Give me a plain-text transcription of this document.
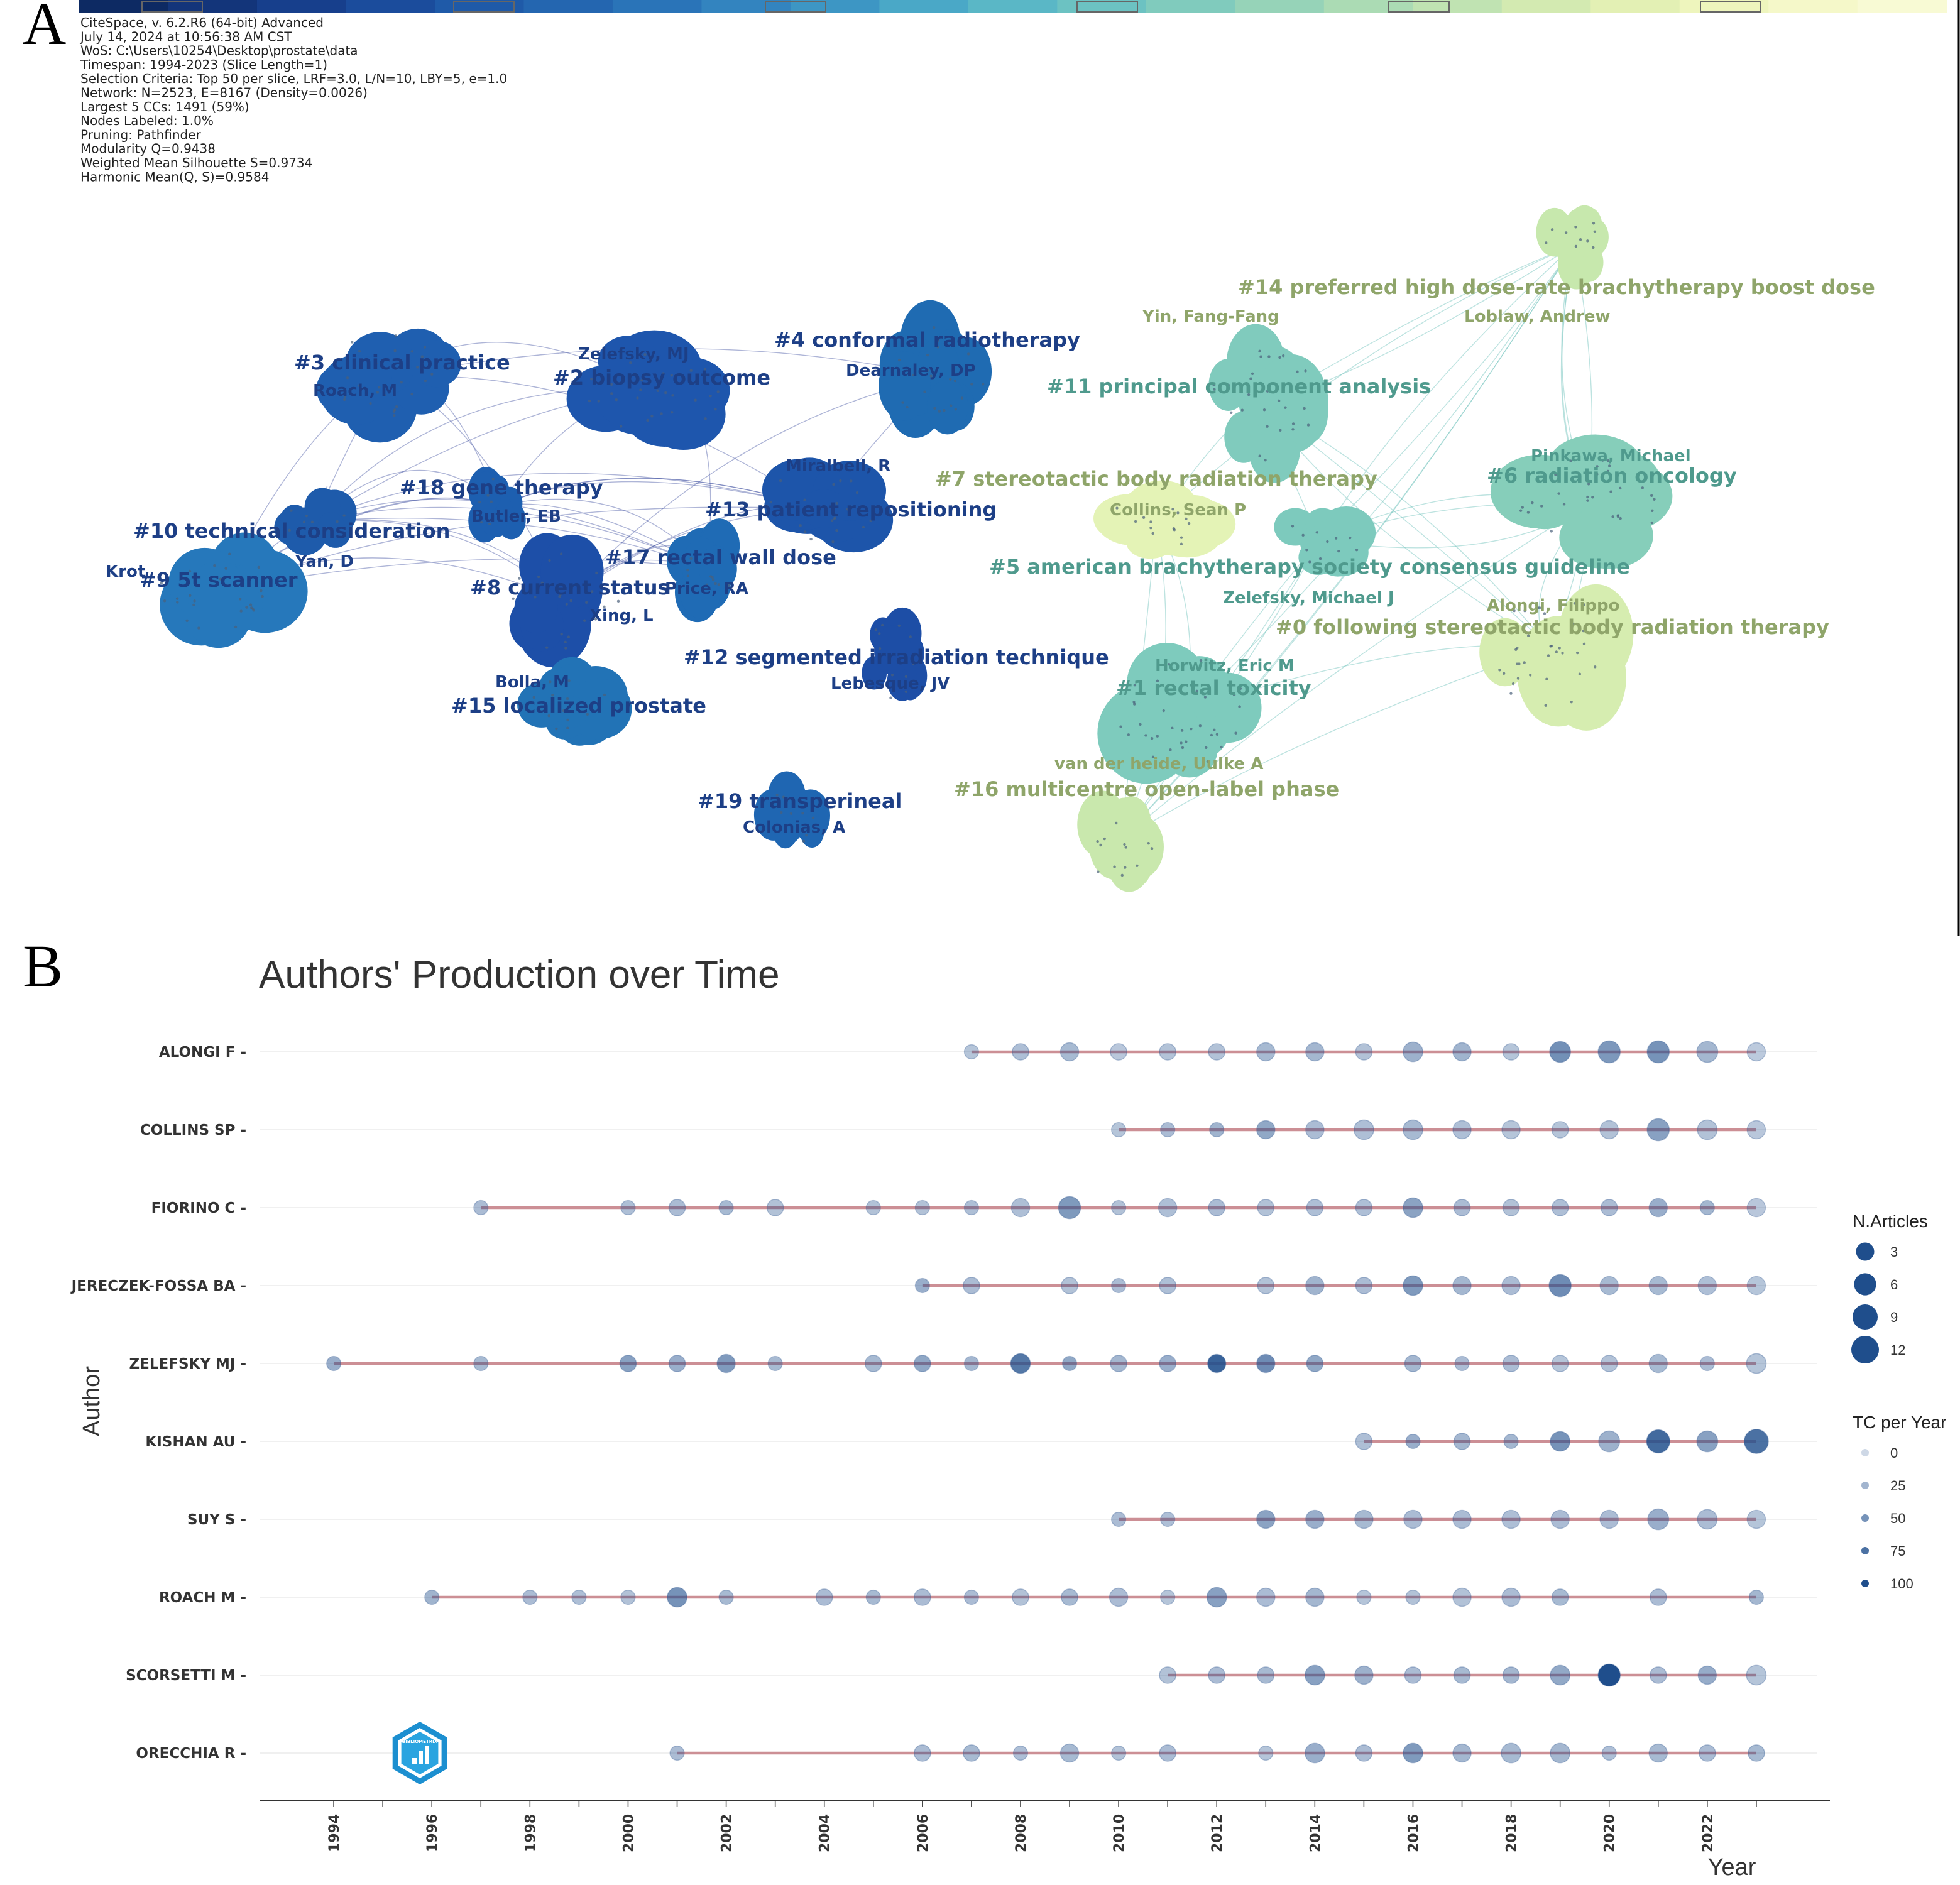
A CiteSpace, v. 6.2.R6 (64-bit) Advanced
July 14, 2024 at 10:56:38 AM CST
WoS: C:\Users\10254\Desktop\prostate\data
Timespan: 1994-2023 (Slice Length=1)
Selection Criteria: Top 50 per slice, LRF=3.0, L/N=10, LBY=5, e=1.0
Network: N=2523, E=8167 (Density=0.0026)
Largest 5 CCs: 1491 (59%)
Nodes Labeled: 1.0%
Pruning: Pathfinder
Modularity Q=0.9438
Weighted Mean Silhouette S=0.9734
Harmonic Mean(Q, S)=0.9584
#3 clinical practice
#2 biopsy outcome
#4 conformal radiotherapy
#18 gene therapy
#10 technical consideration
#9 5t scanner	#8 current status
#17 rectal wall dose
#13 patient repositioning
#12 segmented irradiation technique
#15 localized prostate
#19 transperineal
#14 preferred high dose-rate brachytherapy boost dose
#11 principal component analysis
#7 stereotactic body radiation therapy	#6 radiation oncology
#5 american brachytherapy society consensus guideline
#0 following stereotactic body radiation therapy
#1 rectal toxicity
#16 multicentre open-label phase
Zelefsky, MJ
Roach, M
Dearnaley, DP
Miralbell, R
Butler, EB
Yan, D
Krot
Price, RA
Xing, L
Lebesque, JV
Bolla, M
Colonias, A
Yin, Fang-Fang	Loblaw, Andrew
Pinkawa, Michael
Collins, Sean P
Zelefsky, Michael J	Alongi, Filippo
Horwitz, Eric M
van der heide, Uulke A
B	Authors' Production over Time
Author
Year
1994	1996	1998	2000	2002	2004	2006	2008	2010	2012	2014	2016	2018	2020	2022
ALONGI F -
COLLINS SP -
FIORINO C -
JERECZEK-FOSSA BA -
ZELEFSKY MJ -
KISHAN AU -
SUY S -
ROACH M -
SCORSETTI M -
ORECCHIA R -
N.Articles
3
6
9
12
TC per Year
0
25
50
75
100
BIBLIOMETRIX
